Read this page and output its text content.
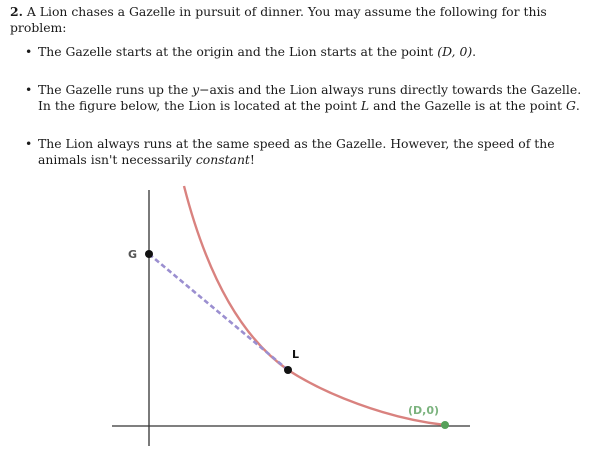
2. A Lion chases a Gazelle in pursuit of dinner. You may assume the following for this problem:
• The Gazelle starts at the origin and the Lion starts at the point (D, 0).
• The Gazelle runs up the y−axis and the Lion always runs directly towards the Gazelle. In the figure below, the Lion is located at the point L and the Gazelle is at the point G.
• The Lion always runs at the same speed as the Gazelle. However, the speed of the animals isn't necessarily constant!
G
L
(D,0)
